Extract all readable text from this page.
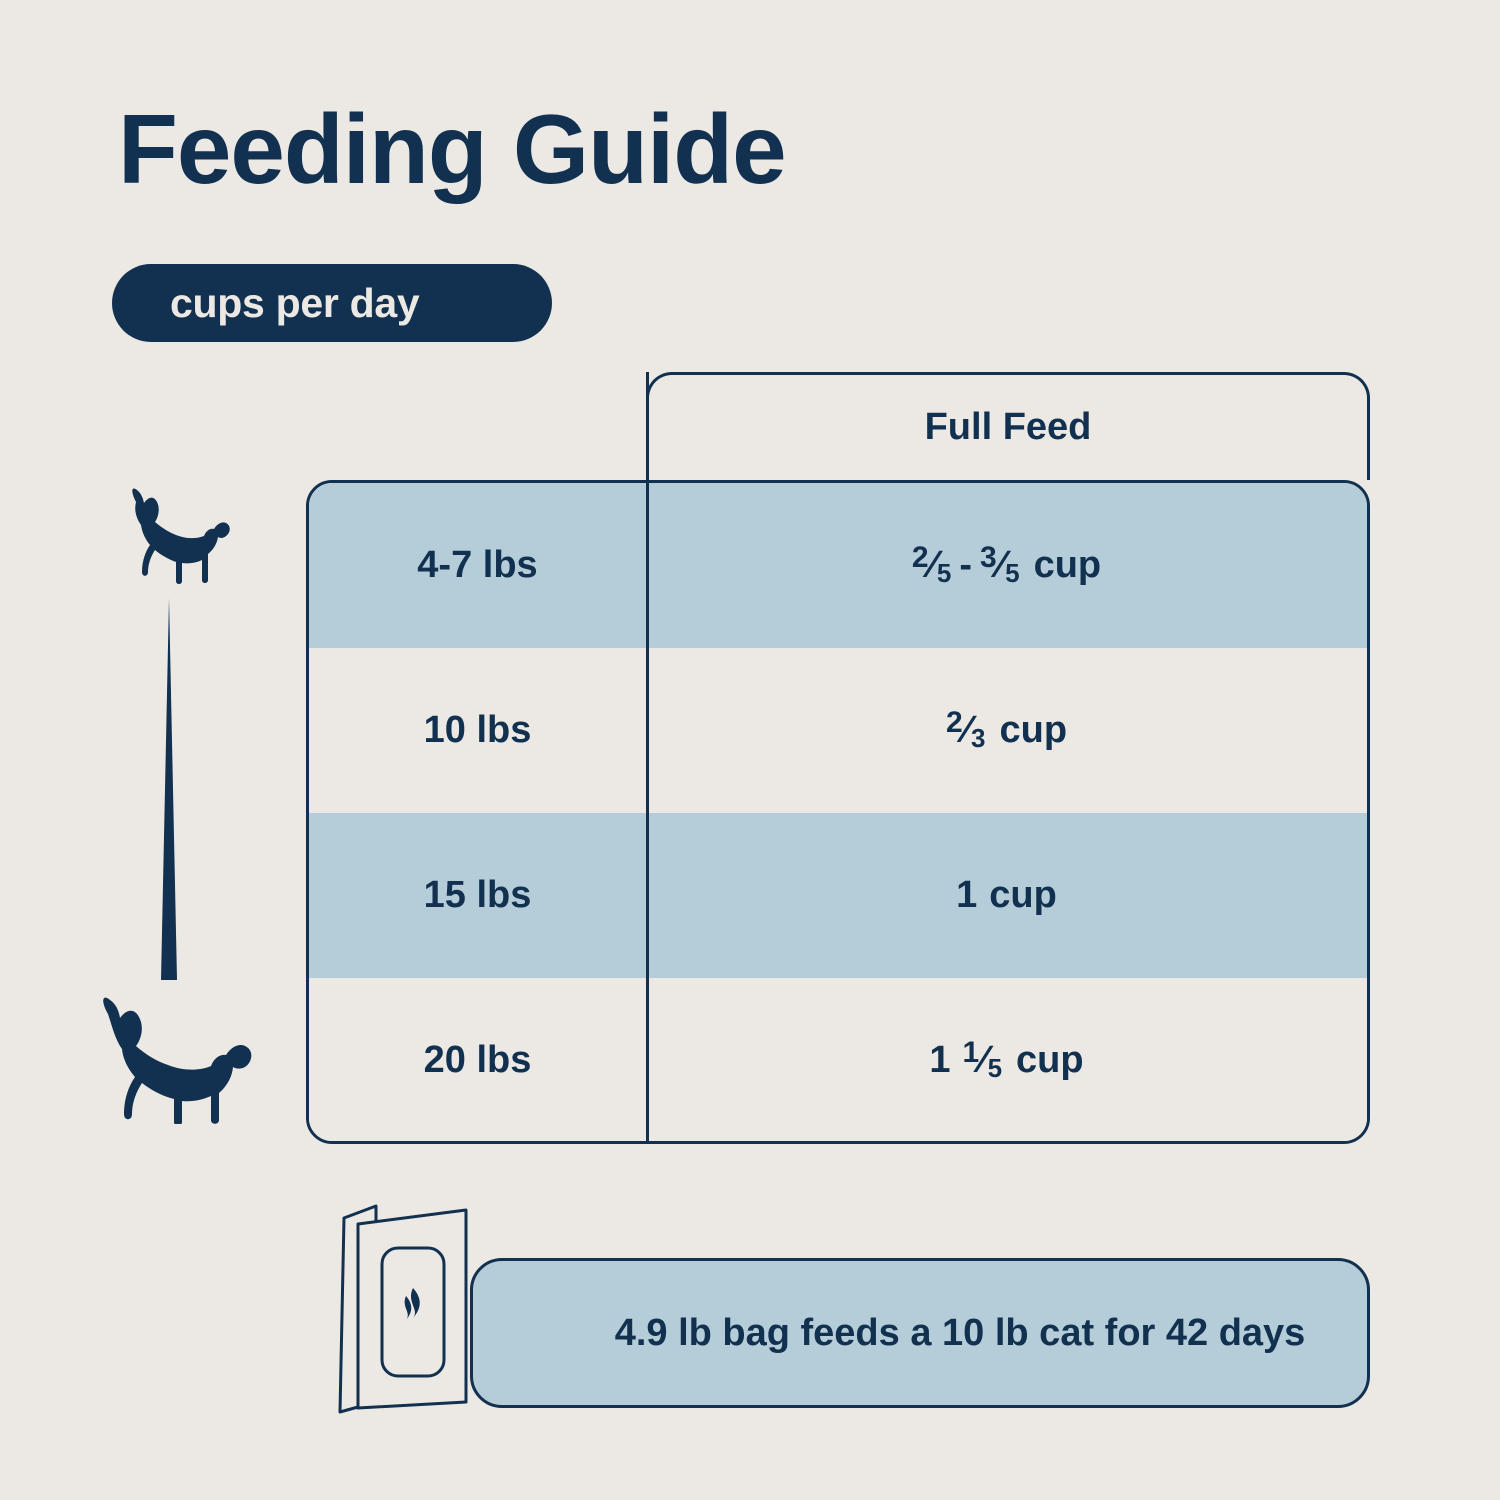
Feeding Guide
cups per day
Full Feed
4-7 lbs	2 ⁄ 5 - 3 ⁄ 5 cup
10 lbs	2 ⁄ 3 cup
15 lbs	1 cup
20 lbs	1 1 ⁄ 5 cup
4.9 lb bag feeds a 10 lb cat for 42 days
